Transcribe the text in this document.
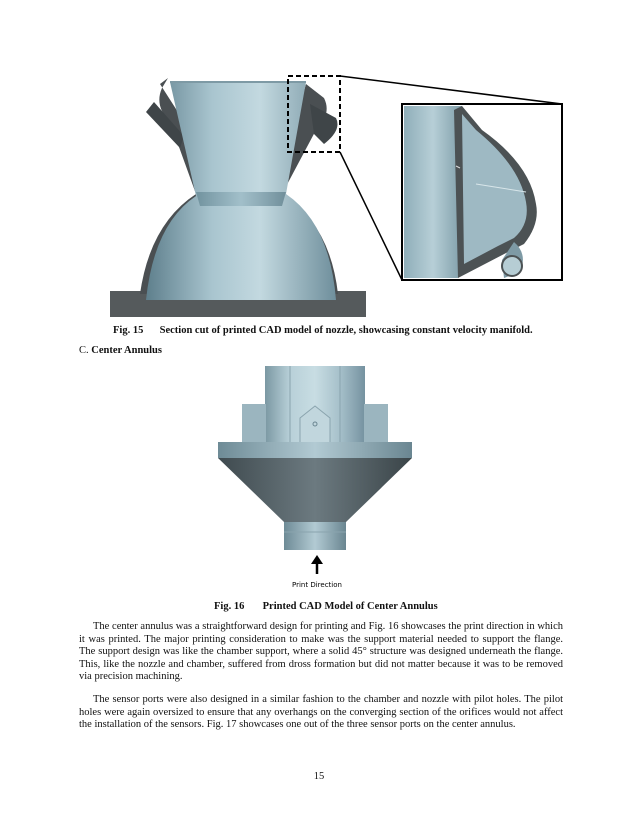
Fig. 15 Section cut of printed CAD model of nozzle, showcasing constant velocity manifold.
C. Center Annulus
Print Direction
Fig. 16 Printed CAD Model of Center Annulus

The center annulus was a straightforward design for printing and Fig. 16 showcases the print direction in which it was printed. The major printing consideration to make was the support material needed to support the flange. The support design was like the chamber support, where a solid 45° structure was designed underneath the flange. This, like the nozzle and chamber, suffered from dross formation but did not matter because it was to be removed via precision machining.

The sensor ports were also designed in a similar fashion to the chamber and nozzle with pilot holes. The pilot holes were again oversized to ensure that any overhangs on the converging section of the orifices would not affect the installation of the sensors. Fig. 17 showcases one out of the three sensor ports on the center annulus.

15
